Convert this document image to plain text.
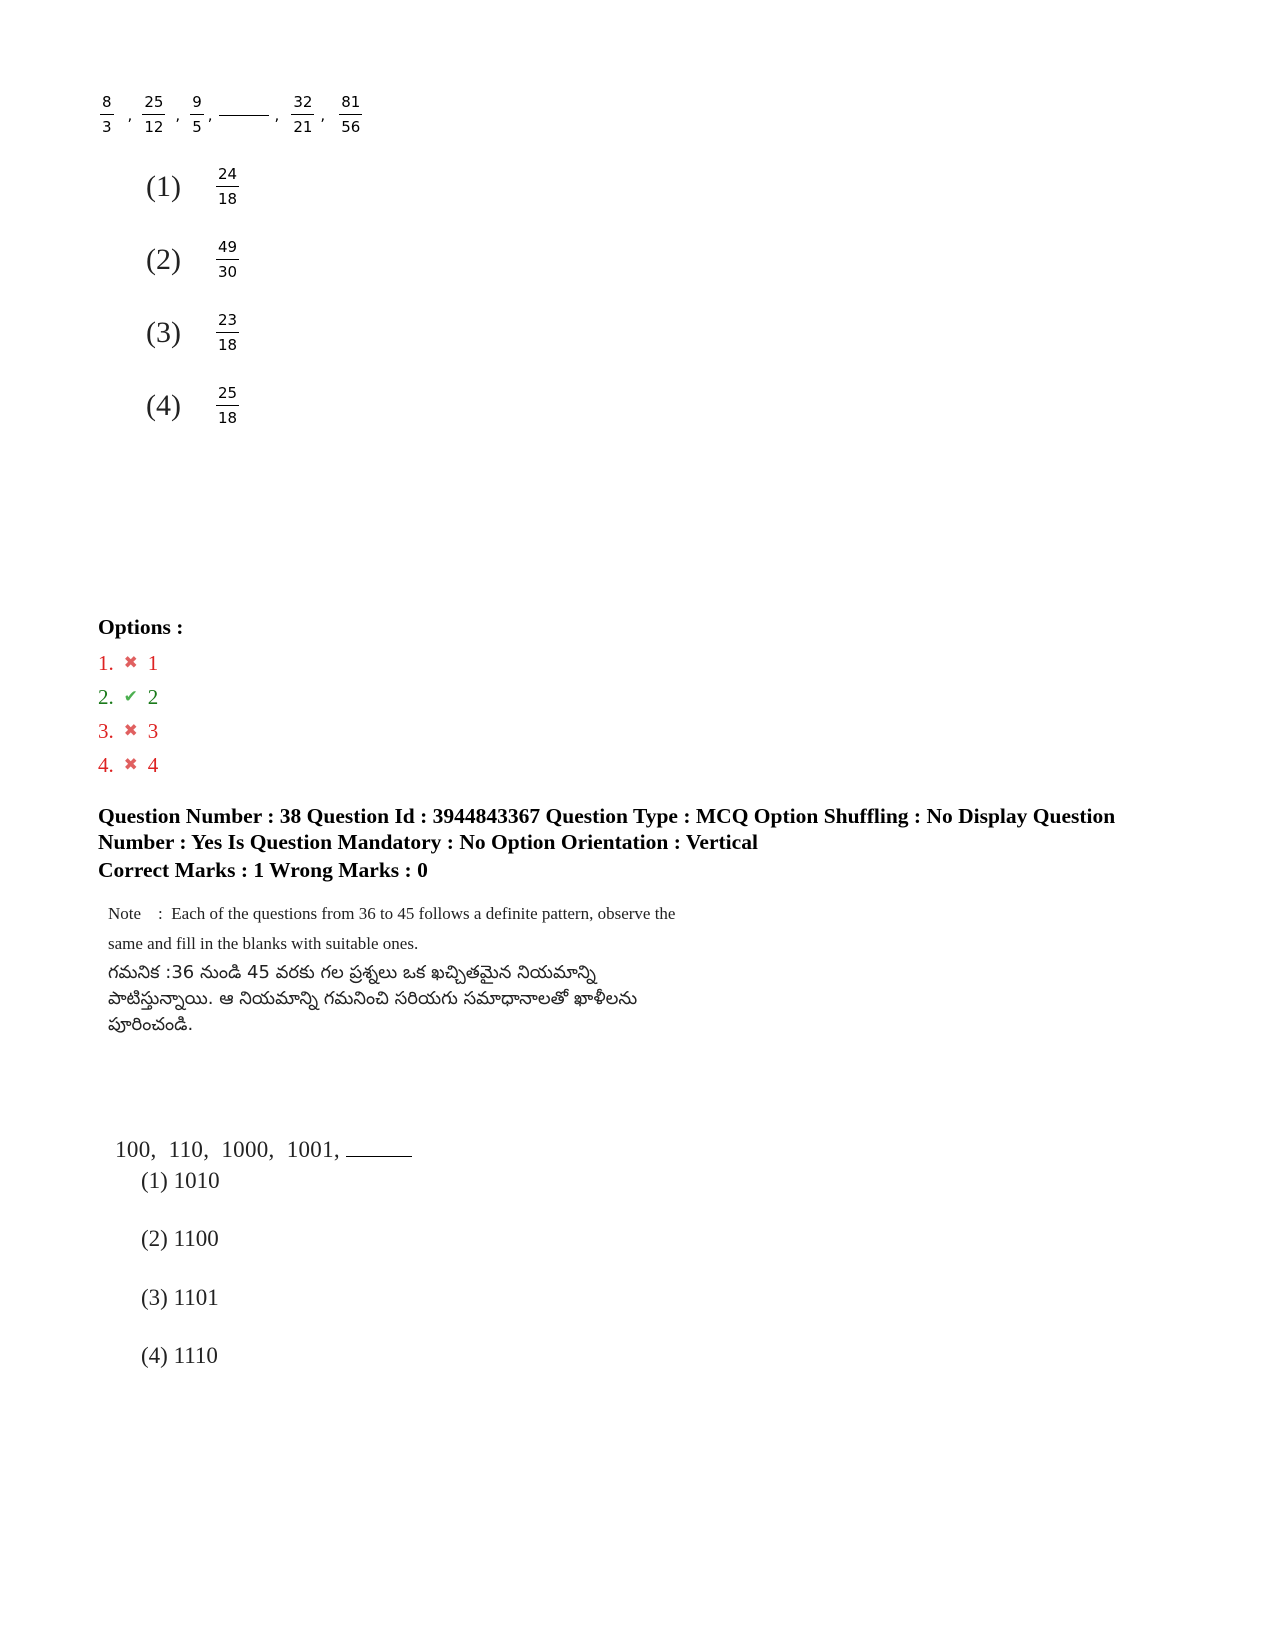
$\frac{8}{3}$ , $\frac{25}{12}$ , $\frac{9}{5}$ ,	, $\frac{32}{21}$ , $\frac{81}{56}$
(1)	$\frac{24}{18}$
(2)	$\frac{49}{30}$
(3)	$\frac{23}{18}$
(4)	$\frac{25}{18}$
Options :
1. ✖ 1
2. ✔ 2
3. ✖ 3
4. ✖ 4
Question Number : 38 Question Id : 3944843367 Question Type : MCQ Option Shuffling : No Display Question
Number : Yes Is Question Mandatory : No Option Orientation : Vertical
Correct Marks : 1 Wrong Marks : 0
Note    :  Each of the questions from 36 to 45 follows a definite pattern, observe the
same and fill in the blanks with suitable ones.
గమనిక :36 నుండి 45 వరకు గల ప్రశ్నలు ఒక ఖచ్చితమైన నియమాన్ని
పాటిస్తున్నాయి. ఆ నియమాన్ని గమనించి సరియగు సమాధానాలతో ఖాళీలను
పూరించండి.

100,  110,  1000,  1001,

(1) 1010
(2) 1100
(3) 1101
(4) 1110
